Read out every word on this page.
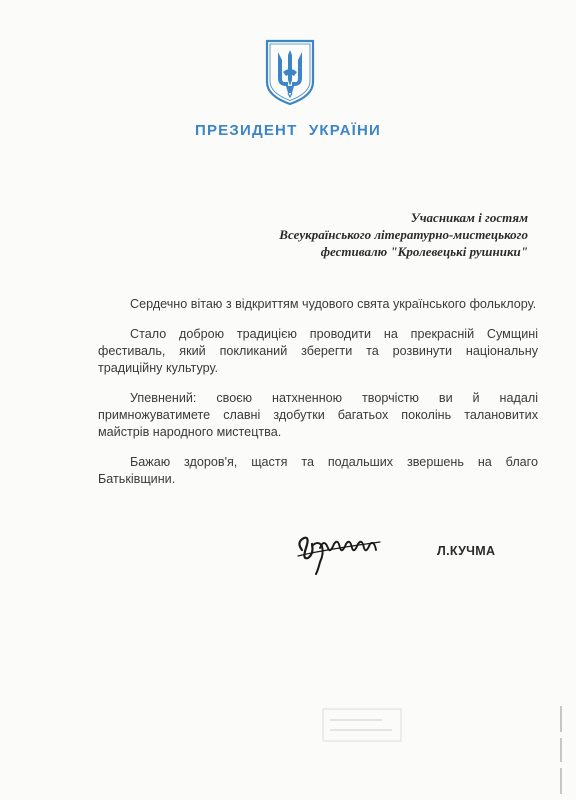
ПРЕЗИДЕНТ УКРАЇНИ
Учасникам і гостям
Всеукраїнського літературно-мистецького
фестивалю "Кролевецькі рушники"

Сердечно вітаю з відкриттям чудового свята українського фольклору.

Стало доброю традицією проводити на прекрасній Сумщині фестиваль, який покликаний зберегти та розвинути національну традиційну культуру.

Упевнений: своєю натхненною творчістю ви й надалі примножуватимете славні здобутки багатьох поколінь талановитих майстрів народного мистецтва.

Бажаю здоров'я, щастя та подальших звершень на благо Батьківщини.

Л.КУЧМА
